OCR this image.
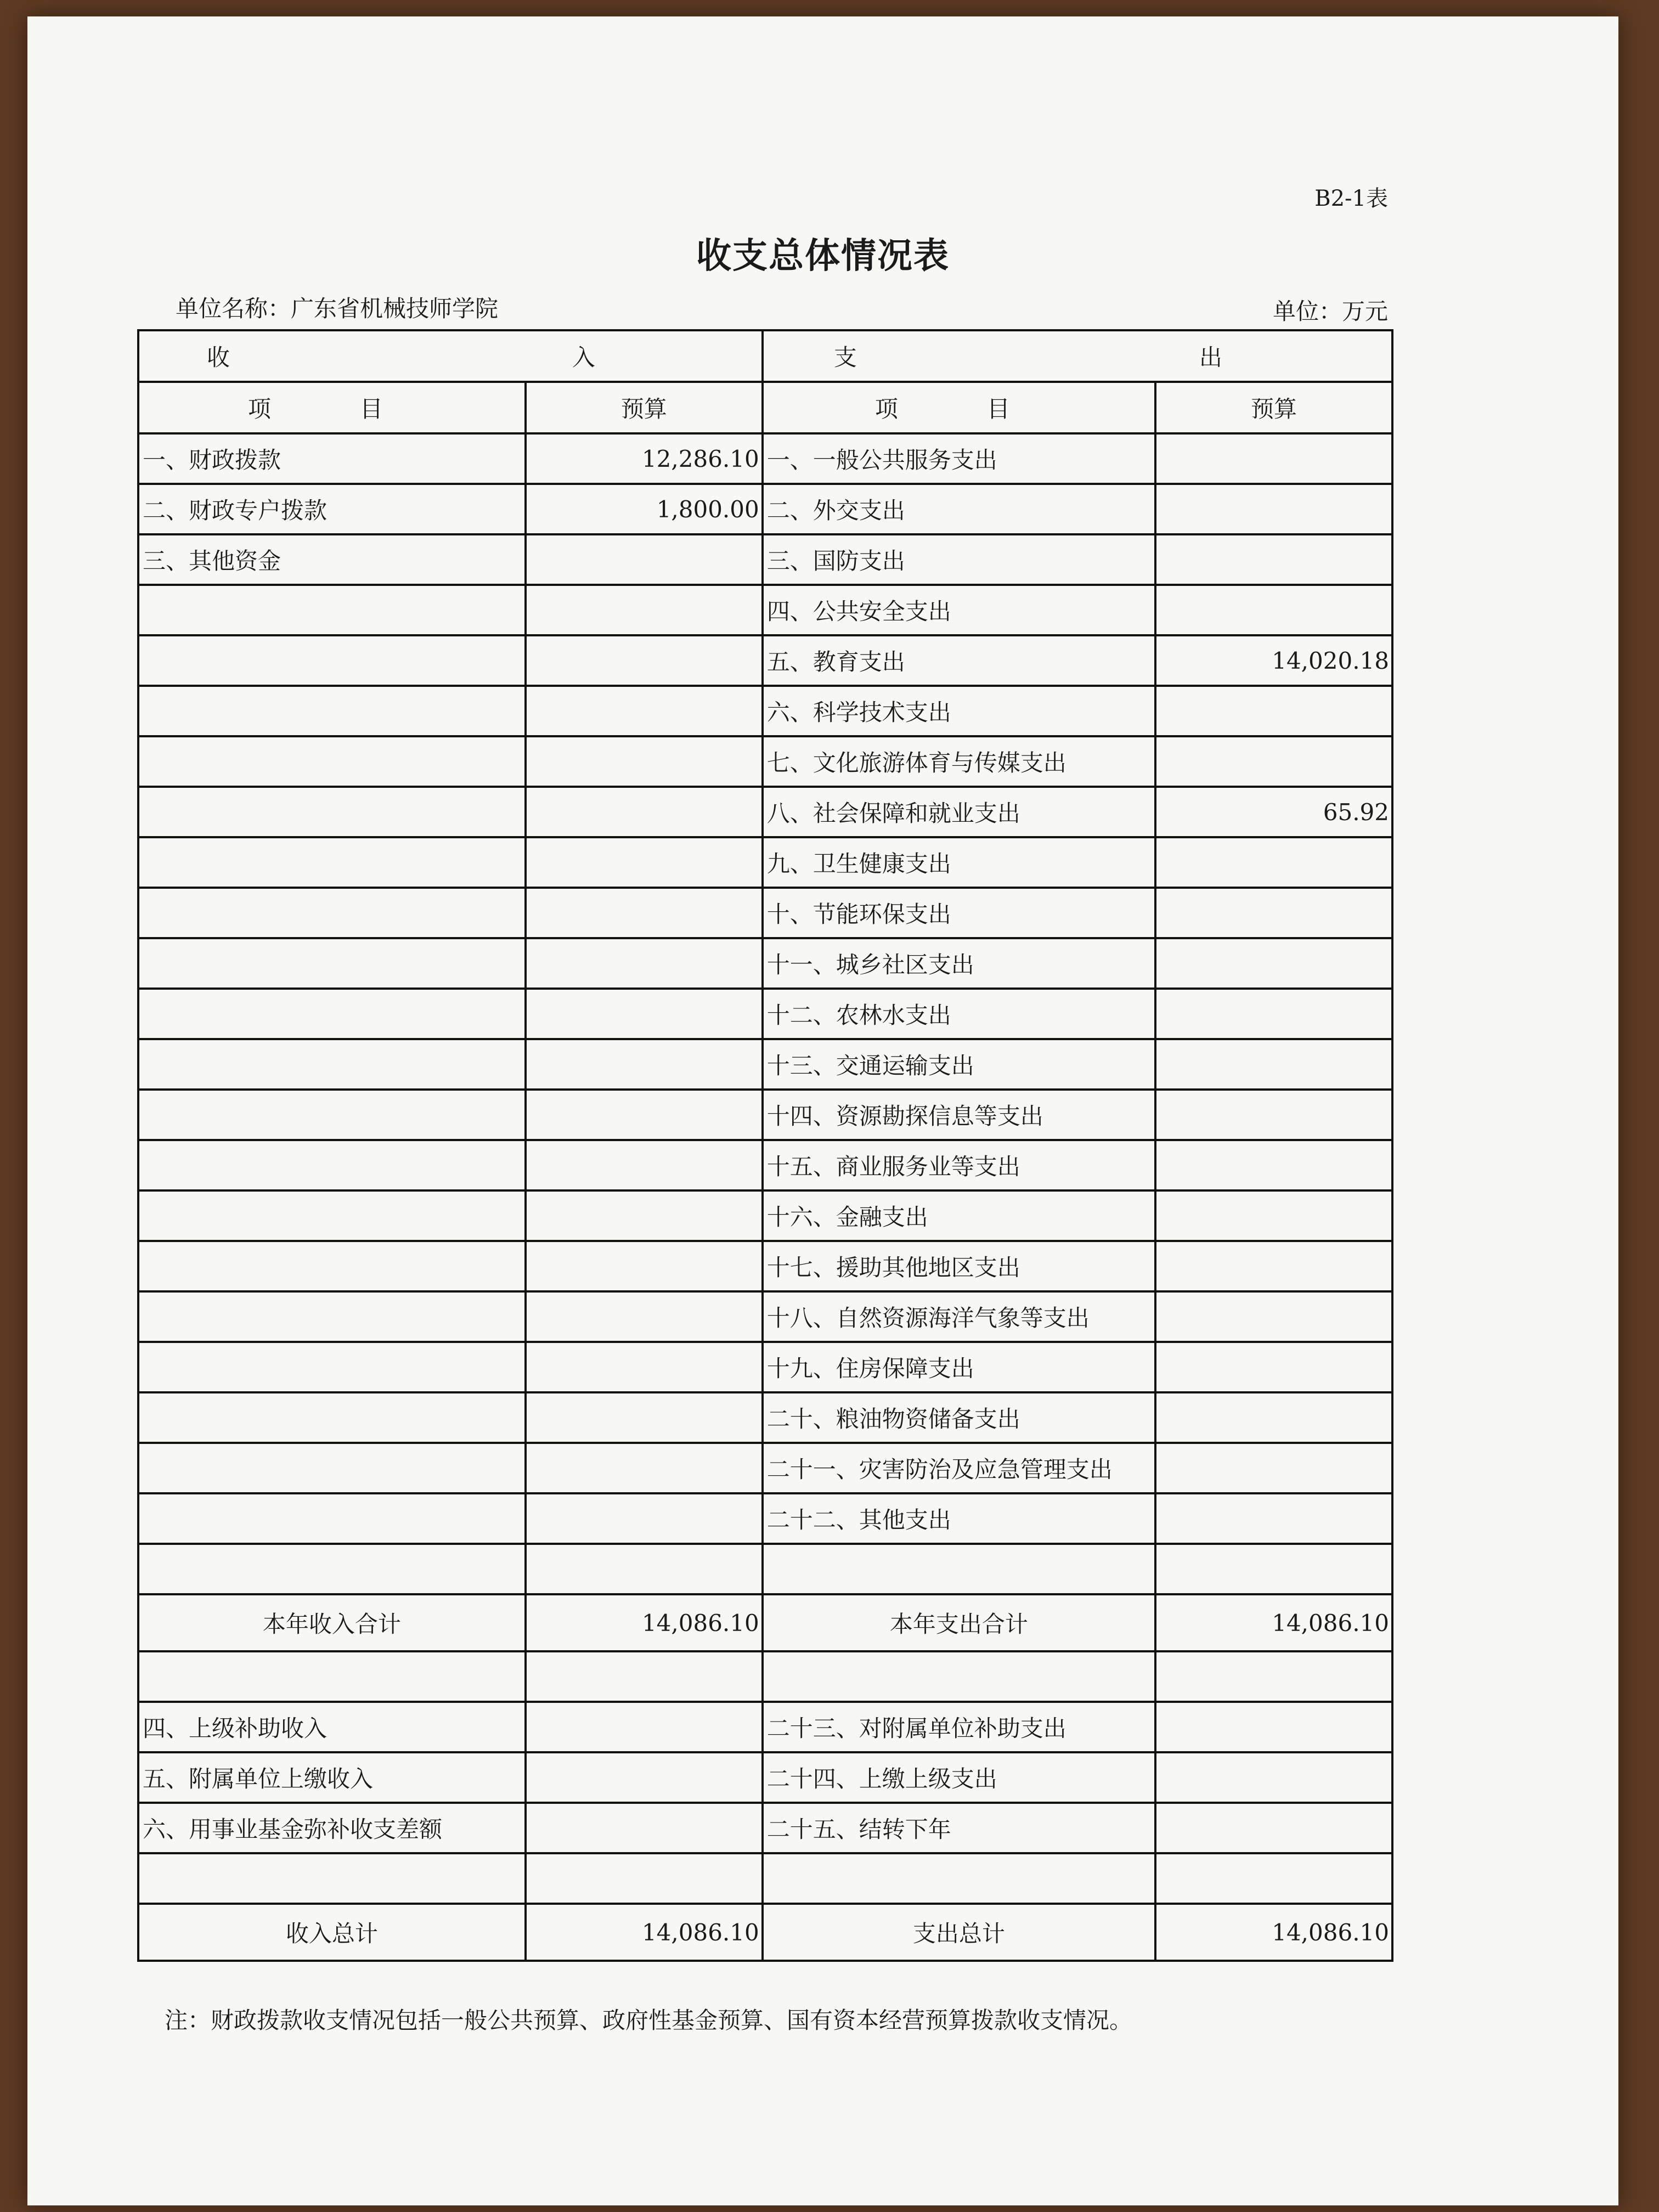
B2-1表
收支总体情况表
单位名称：广东省机械技师学院	单位：万元
收　　入		支　　出	
项　目	预算	项　目	预算
一、财政拨款	12,286.10	一、一般公共服务支出	
二、财政专户拨款	1,800.00	二、外交支出	
三、其他资金		三、国防支出	
		四、公共安全支出	
		五、教育支出	14,020.18
		六、科学技术支出	
		七、文化旅游体育与传媒支出	
		八、社会保障和就业支出	65.92
		九、卫生健康支出	
		十、节能环保支出	
		十一、城乡社区支出	
		十二、农林水支出	
		十三、交通运输支出	
		十四、资源勘探信息等支出	
		十五、商业服务业等支出	
		十六、金融支出	
		十七、援助其他地区支出	
		十八、自然资源海洋气象等支出	
		十九、住房保障支出	
		二十、粮油物资储备支出	
		二十一、灾害防治及应急管理支出	
		二十二、其他支出	

本年收入合计	14,086.10	本年支出合计	14,086.10

四、上级补助收入		二十三、对附属单位补助支出	
五、附属单位上缴收入		二十四、上缴上级支出	
六、用事业基金弥补收支差额		二十五、结转下年	

收入总计	14,086.10	支出总计	14,086.10
注：财政拨款收支情况包括一般公共预算、政府性基金预算、国有资本经营预算拨款收支情况。
